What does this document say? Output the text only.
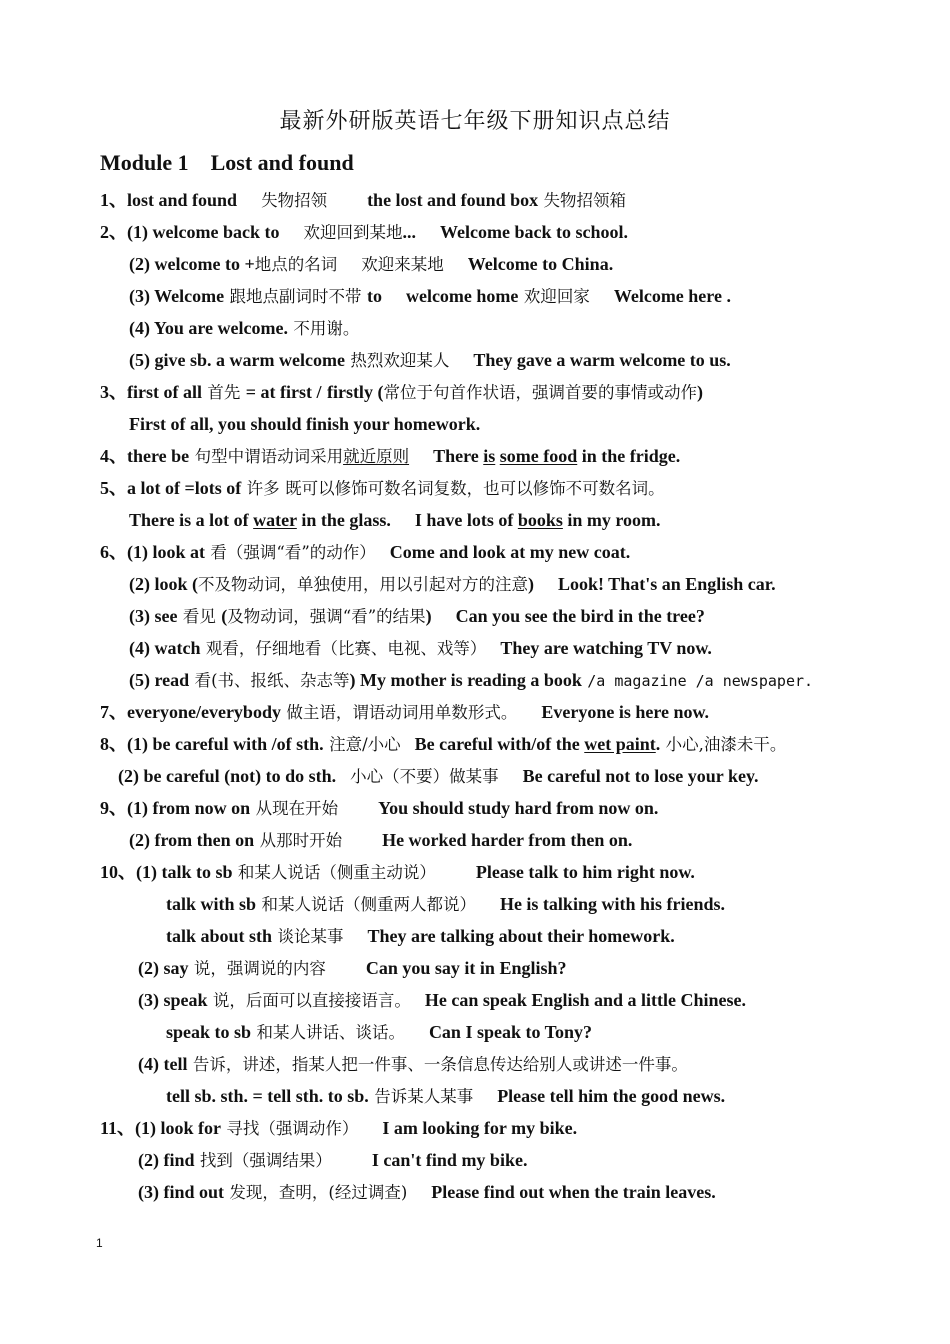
最新外研版英语七年级下册知识点总结
Module 1    Lost and found
1、lost and found 失物招领 the lost and found box 失物招领箱
2、(1) welcome back to 欢迎回到某地... Welcome back to school.
(2) welcome to +地点的名词 欢迎来某地 Welcome to China.
(3) Welcome 跟地点副词时不带 to welcome home 欢迎回家 Welcome here .
(4) You are welcome. 不用谢。
(5) give sb. a warm welcome 热烈欢迎某人 They gave a warm welcome to us.
3、first of all 首先 = at first / firstly (常位于句首作状语，强调首要的事情或动作)
First of all, you should finish your homework.
4、there be 句型中谓语动词采用就近原则 There is some food in the fridge.
5、a lot of =lots of 许多 既可以修饰可数名词复数，也可以修饰不可数名词。
There is a lot of water in the glass. I have lots of books in my room.
6、(1) look at 看（强调“看”的动作） Come and look at my new coat.
(2) look (不及物动词，单独使用，用以引起对方的注意) Look! That's an English car.
(3) see 看见 (及物动词，强调“看”的结果) Can you see the bird in the tree?
(4) watch 观看，仔细地看（比赛、电视、戏等） They are watching TV now.
(5) read 看(书、报纸、杂志等) My mother is reading a book /a magazine /a newspaper.
7、everyone/everybody 做主语，谓语动词用单数形式。 Everyone is here now.
8、(1) be careful with /of sth. 注意/小心 Be careful with/of the wet paint. 小心,油漆未干。
(2) be careful (not) to do sth. 小心（不要）做某事 Be careful not to lose your key.
9、(1) from now on 从现在开始 You should study hard from now on.
(2) from then on 从那时开始 He worked harder from then on.
10、(1) talk to sb 和某人说话（侧重主动说） Please talk to him right now.
talk with sb 和某人说话（侧重两人都说） He is talking with his friends.
talk about sth 谈论某事 They are talking about their homework.
(2) say 说，强调说的内容 Can you say it in English?
(3) speak 说，后面可以直接接语言。 He can speak English and a little Chinese.
speak to sb 和某人讲话、谈话。 Can I speak to Tony?
(4) tell 告诉，讲述，指某人把一件事、一条信息传达给别人或讲述一件事。
tell sb. sth. = tell sth. to sb. 告诉某人某事 Please tell him the good news.
11、(1) look for 寻找（强调动作） I am looking for my bike.
(2) find 找到（强调结果） I can't find my bike.
(3) find out 发现，查明，(经过调查) Please find out when the train leaves.
1
